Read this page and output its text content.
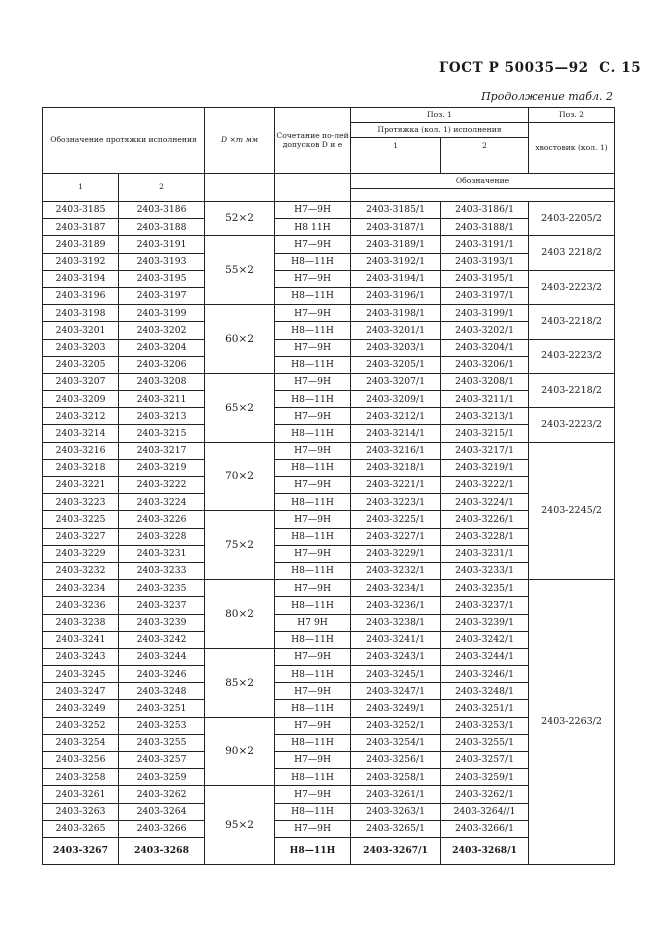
ГОСТ Р 50035—92 С. 15
Продолжение табл. 2
Обозначение протяжки исполнения		D ×m мм	Сочетание по-лей допусков D и е	Поз. 1		Поз. 2
				Протяжка (кол. 1) исполнения		хвостовик (кол. 1)
				1	2	
1	2			Обозначение		

2403-3185	2403-3186	52×2	H7—9H	2403-3185/1	2403-3186/1	2403-2205/2
2403-3187	2403-3188		H8 11H	2403-3187/1	2403-3188/1	
2403-3189	2403-3191	55×2	H7—9H	2403-3189/1	2403-3191/1	2403 2218/2
2403-3192	2403-3193		H8—11H	2403-3192/1	2403-3193/1	
2403-3194	2403-3195		H7—9H	2403-3194/1	2403-3195/1	2403-2223/2
2403-3196	2403-3197		H8—11H	2403-3196/1	2403-3197/1	
2403-3198	2403-3199	60×2	H7—9H	2403-3198/1	2403-3199/1	2403-2218/2
2403-3201	2403-3202		H8—11H	2403-3201/1	2403-3202/1	
2403-3203	2403-3204		H7—9H	2403-3203/1	2403-3204/1	2403-2223/2
2403-3205	2403-3206		H8—11H	2403-3205/1	2403-3206/1	
2403-3207	2403-3208	65×2	H7—9H	2403-3207/1	2403-3208/1	2403-2218/2
2403-3209	2403-3211		H8—11H	2403-3209/1	2403-3211/1	
2403-3212	2403-3213		H7—9H	2403-3212/1	2403-3213/1	2403-2223/2
2403-3214	2403-3215		H8—11H	2403-3214/1	2403-3215/1	
2403-3216	2403-3217	70×2	H7—9H	2403-3216/1	2403-3217/1	2403-2245/2
2403-3218	2403-3219		H8—11H	2403-3218/1	2403-3219/1	
2403-3221	2403-3222		H7—9H	2403-3221/1	2403-3222/1	
2403-3223	2403-3224		H8—11H	2403-3223/1	2403-3224/1	
2403-3225	2403-3226	75×2	H7—9H	2403-3225/1	2403-3226/1	
2403-3227	2403-3228		H8—11H	2403-3227/1	2403-3228/1	
2403-3229	2403-3231		H7—9H	2403-3229/1	2403-3231/1	
2403-3232	2403-3233		H8—11H	2403-3232/1	2403-3233/1	
2403-3234	2403-3235	80×2	H7—9H	2403-3234/1	2403-3235/1	2403-2263/2
2403-3236	2403-3237		H8—11H	2403-3236/1	2403-3237/1	
2403-3238	2403-3239		H7 9H	2403-3238/1	2403-3239/1	
2403-3241	2403-3242		H8—11H	2403-3241/1	2403-3242/1	
2403-3243	2403-3244	85×2	H7—9H	2403-3243/1	2403-3244/1	
2403-3245	2403-3246		H8—11H	2403-3245/1	2403-3246/1	
2403-3247	2403-3248		H7—9H	2403-3247/1	2403-3248/1	
2403-3249	2403-3251		H8—11H	2403-3249/1	2403-3251/1	
2403-3252	2403-3253	90×2	H7—9H	2403-3252/1	2403-3253/1	
2403-3254	2403-3255		H8—11H	2403-3254/1	2403-3255/1	
2403-3256	2403-3257		H7—9H	2403-3256/1	2403-3257/1	
2403-3258	2403-3259		H8—11H	2403-3258/1	2403-3259/1	
2403-3261	2403-3262	95×2	H7—9H	2403-3261/1	2403-3262/1	
2403-3263	2403-3264		H8—11H	2403-3263/1	2403-3264//1	
2403-3265	2403-3266		H7—9H	2403-3265/1	2403-3266/1	
2403-3267	2403-3268		H8—11H	2403-3267/1	2403-3268/1	
